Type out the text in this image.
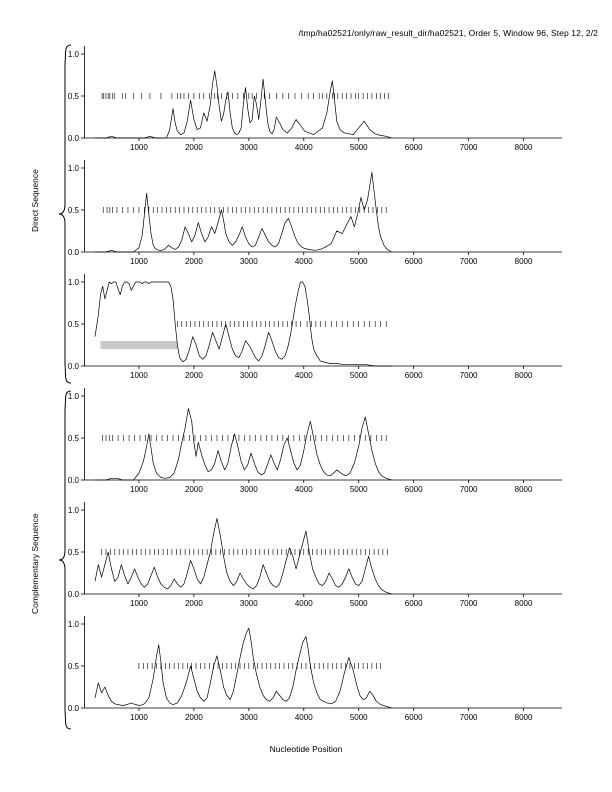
/tmp/ha02521/only/raw_result_dir/ha02521, Order 5, Window 96, Step 12, 2/2
Direct Sequence
Complementary Sequence
0.0
0.5
1.0
1000	2000	3000	4000	5000	6000	7000	8000
0.0
0.5
1.0
1000	2000	3000	4000	5000	6000	7000	8000
0.0
0.5
1.0
1000	2000	3000	4000	5000	6000	7000	8000
0.0
0.5
1.0
1000	2000	3000	4000	5000	6000	7000	8000
0.0
0.5
1.0
1000	2000	3000	4000	5000	6000	7000	8000
0.0
0.5
1.0
1000	2000	3000	4000	5000	6000	7000	8000
Nucleotide Position
